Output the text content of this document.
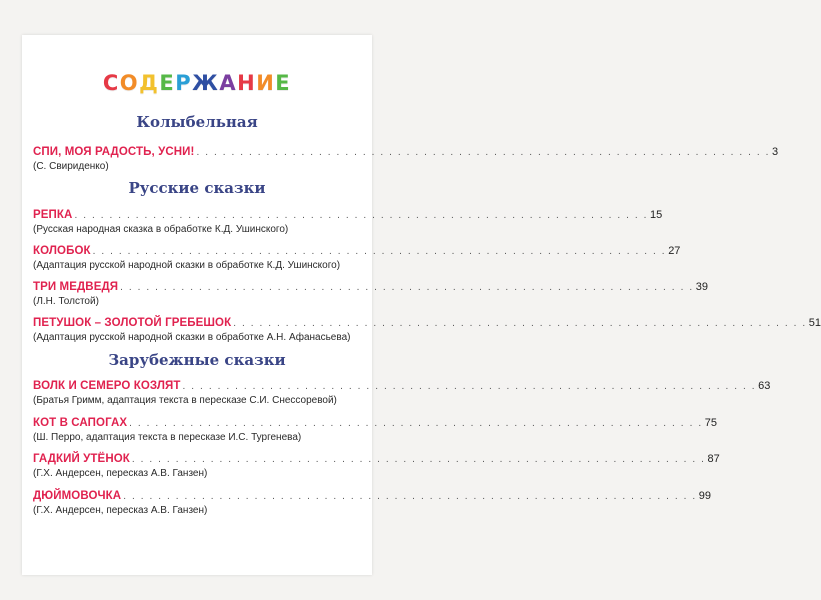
СОДЕРЖАНИЕ
Колыбельная
СПИ, МОЯ РАДОСТЬ, УСНИ! . . . . . . . . . . . . . . . . . . . . . . . . . . . . . . . . . . . . . . . . . . . . . . . . . . . . . . . . . . . . . . . . . . 3
(С. Свириденко)
Русские сказки
РЕПКА . . . . . . . . . . . . . . . . . . . . . . . . . . . . . . . . . . . . . . . . . . . . . . . . . . . . . . . . . . . . . . . . . . 15
(Русская народная сказка в обработке К.Д. Ушинского)
КОЛОБОК . . . . . . . . . . . . . . . . . . . . . . . . . . . . . . . . . . . . . . . . . . . . . . . . . . . . . . . . . . . . . . . . . . 27
(Адаптация русской народной сказки в обработке К.Д. Ушинского)
ТРИ МЕДВЕДЯ . . . . . . . . . . . . . . . . . . . . . . . . . . . . . . . . . . . . . . . . . . . . . . . . . . . . . . . . . . . . . . . . . . 39
(Л.Н. Толстой)
ПЕТУШОК – ЗОЛОТОЙ ГРЕБЕШОК . . . . . . . . . . . . . . . . . . . . . . . . . . . . . . . . . . . . . . . . . . . . . . . . . . . . . . . . . . . . . . . . . . 51
(Адаптация русской народной сказки в обработке А.Н. Афанасьева)
Зарубежные сказки
ВОЛК И СЕМЕРО КОЗЛЯТ . . . . . . . . . . . . . . . . . . . . . . . . . . . . . . . . . . . . . . . . . . . . . . . . . . . . . . . . . . . . . . . . . . 63
(Братья Гримм, адаптация текста в пересказе С.И. Снессоревой)
КОТ В САПОГАХ . . . . . . . . . . . . . . . . . . . . . . . . . . . . . . . . . . . . . . . . . . . . . . . . . . . . . . . . . . . . . . . . . . 75
(Ш. Перро, адаптация текста в пересказе И.С. Тургенева)
ГАДКИЙ УТЁНОК . . . . . . . . . . . . . . . . . . . . . . . . . . . . . . . . . . . . . . . . . . . . . . . . . . . . . . . . . . . . . . . . . . 87
(Г.Х. Андерсен, пересказ А.В. Ганзен)
ДЮЙМОВОЧКА . . . . . . . . . . . . . . . . . . . . . . . . . . . . . . . . . . . . . . . . . . . . . . . . . . . . . . . . . . . . . . . . . . 99
(Г.Х. Андерсен, пересказ А.В. Ганзен)
